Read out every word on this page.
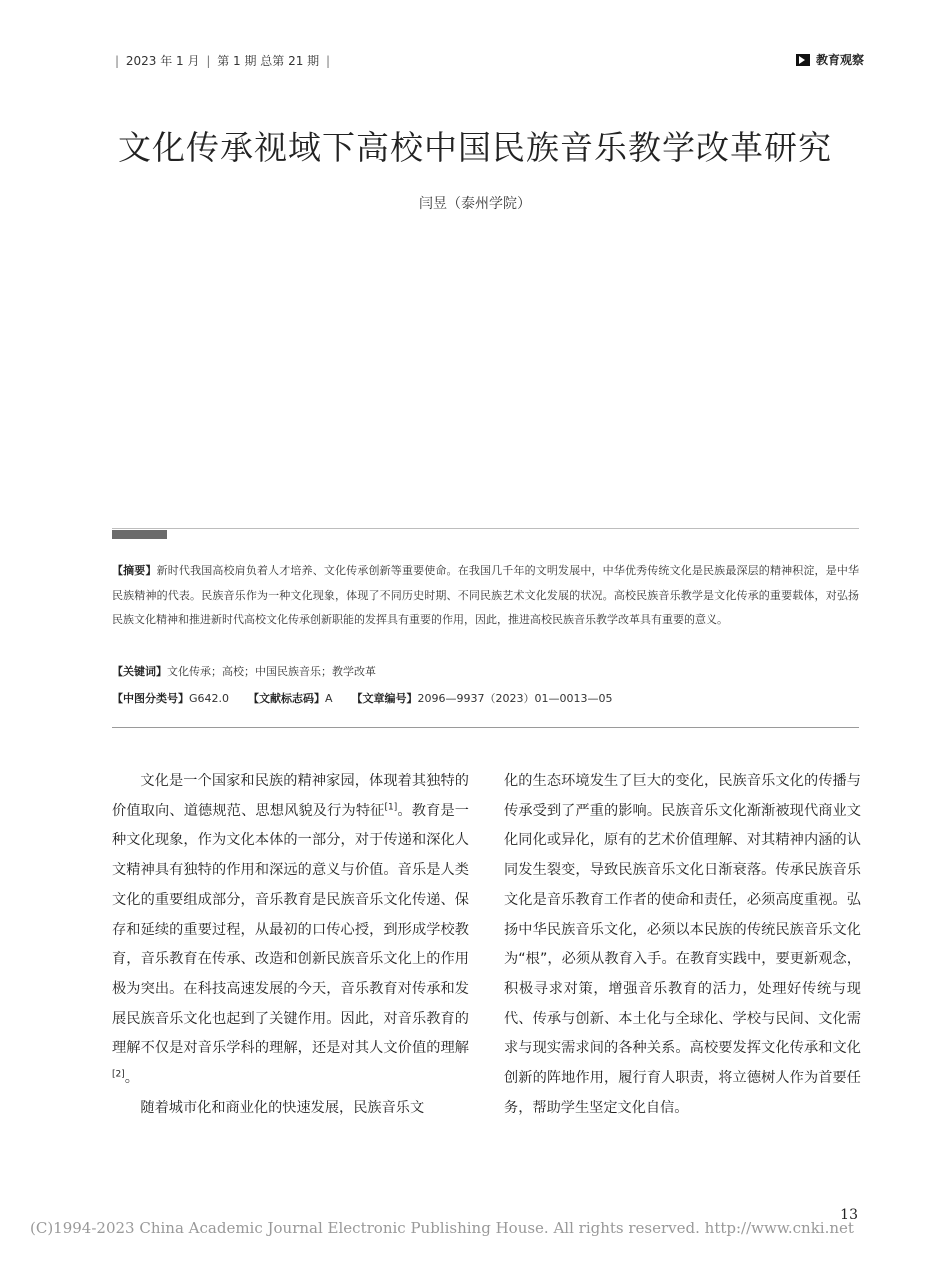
| 2023 年 1 月 | 第 1 期 总第 21 期 |	教育观察
文化传承视域下高校中国民族音乐教学改革研究
闫昱（泰州学院）
【摘要】新时代我国高校肩负着人才培养、文化传承创新等重要使命。在我国几千年的文明发展中，中华优秀传统文化是民族最深层的精神积淀，是中华民族精神的代表。民族音乐作为一种文化现象，体现了不同历史时期、不同民族艺术文化发展的状况。高校民族音乐教学是文化传承的重要载体，对弘扬民族文化精神和推进新时代高校文化传承创新职能的发挥具有重要的作用，因此，推进高校民族音乐教学改革具有重要的意义。
【关键词】文化传承；高校；中国民族音乐；教学改革
【中图分类号】G642.0 【文献标志码】A 【文章编号】2096—9937（2023）01—0013—05

文化是一个国家和民族的精神家园，体现着其独特的价值取向、道德规范、思想风貌及行为特征[1]。教育是一种文化现象，作为文化本体的一部分，对于传递和深化人文精神具有独特的作用和深远的意义与价值。音乐是人类文化的重要组成部分，音乐教育是民族音乐文化传递、保存和延续的重要过程，从最初的口传心授，到形成学校教育，音乐教育在传承、改造和创新民族音乐文化上的作用极为突出。在科技高速发展的今天，音乐教育对传承和发展民族音乐文化也起到了关键作用。因此，对音乐教育的理解不仅是对音乐学科的理解，还是对其人文价值的理解[2]。

随着城市化和商业化的快速发展，民族音乐文

化的生态环境发生了巨大的变化，民族音乐文化的传播与传承受到了严重的影响。民族音乐文化渐渐被现代商业文化同化或异化，原有的艺术价值理解、对其精神内涵的认同发生裂变，导致民族音乐文化日渐衰落。传承民族音乐文化是音乐教育工作者的使命和责任，必须高度重视。弘扬中华民族音乐文化，必须以本民族的传统民族音乐文化为“根”，必须从教育入手。在教育实践中，要更新观念，积极寻求对策，增强音乐教育的活力，处理好传统与现代、传承与创新、本土化与全球化、学校与民间、文化需求与现实需求间的各种关系。高校要发挥文化传承和文化创新的阵地作用，履行育人职责，将立德树人作为首要任务，帮助学生坚定文化自信。

13
(C)1994-2023 China Academic Journal Electronic Publishing House. All rights reserved. http://www.cnki.net
